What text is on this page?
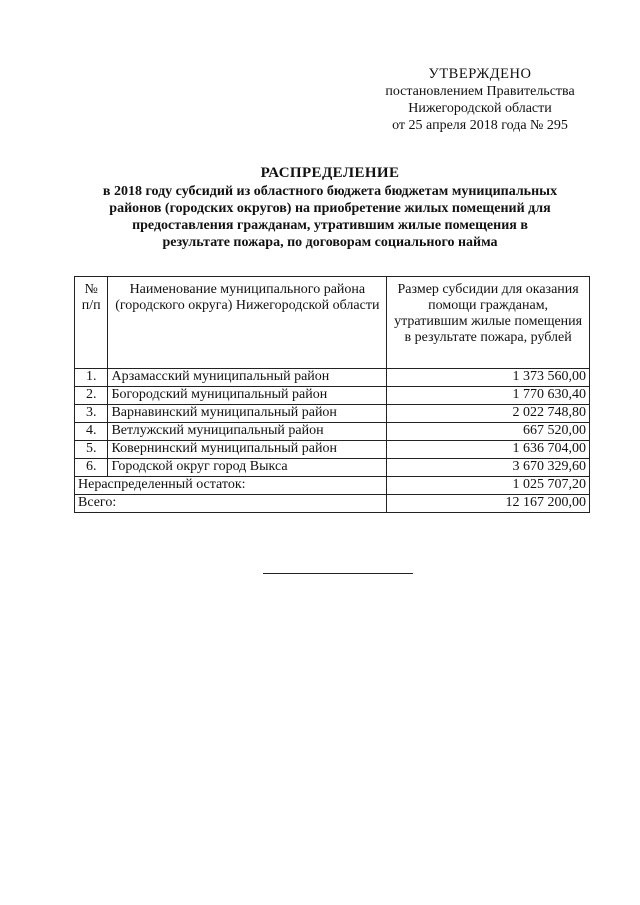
УТВЕРЖДЕНО
постановлением Правительства
Нижегородской области
от 25 апреля 2018 года № 295
РАСПРЕДЕЛЕНИЕ
в 2018 году субсидий из областного бюджета бюджетам муниципальных
районов (городских округов) на приобретение жилых помещений для
предоставления гражданам, утратившим жилые помещения в
результате пожара, по договорам социального найма
№ п/п	Наименование муниципального района (городского округа) Нижегородской области	Размер субсидии для оказания помощи гражданам, утратившим жилые помещения в результате пожара, рублей
1.	Арзамасский муниципальный район	1 373 560,00
2.	Богородский муниципальный район	1 770 630,40
3.	Варнавинский муниципальный район	2 022 748,80
4.	Ветлужский муниципальный район	667 520,00
5.	Ковернинский муниципальный район	1 636 704,00
6.	Городской округ город Выкса	3 670 329,60
Нераспределенный остаток:		1 025 707,20
Всего:		12 167 200,00
